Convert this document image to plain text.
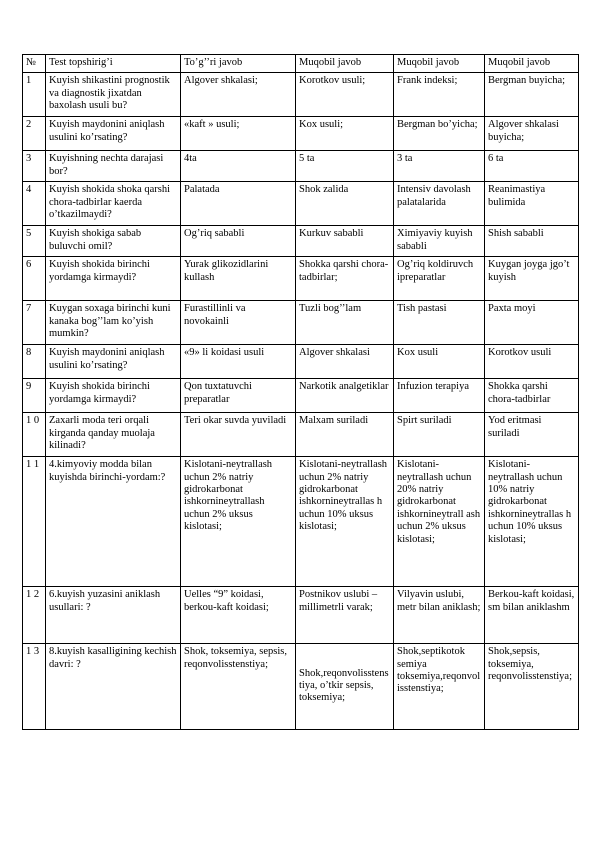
№	Test topshirig’i	To’g’’ri javob	Muqobil javob	Muqobil javob	Muqobil javob
1	Kuyish shikastini prognostik va diagnostik jixatdan baxolash usuli bu?	Algover shkalasi;	Korotkov usuli;	Frank indeksi;	Bergman buyicha;
2	Kuyish maydonini aniqlash usulini ko’rsating?	«kaft » usuli;	Kox usuli;	Bergman bo’yicha;	Algover shkalasi buyicha;
3	Kuyishning nechta darajasi bor?	4ta	5 ta	3 ta	6 ta
4	Kuyish shokida shoka qarshi chora-tadbirlar kaerda o’tkazilmaydi?	Palatada	Shok zalida	Intensiv davolash palatalarida	Reanimastiya bulimida
5	Kuyish shokiga sabab buluvchi omil?	Og’riq sababli	Kurkuv sababli	Ximiyaviy kuyish sababli	Shish sababli
6	Kuyish shokida birinchi yordamga kirmaydi?	Yurak glikozidlarini kullash	Shokka qarshi chora-tadbirlar;	Og’riq koldiruvch ipreparatlar	Kuygan joyga jgo’t kuyish
7	Kuygan soxaga birinchi kuni kanaka bog’’lam ko’yish mumkin?	Furastillinli va novokainli	Tuzli bog’’lam	Tish pastasi	Paxta moyi
8	Kuyish maydonini aniqlash usulini ko’rsating?	«9» li koidasi usuli	Algover shkalasi	Kox usuli	Korotkov usuli
9	Kuyish shokida birinchi yordamga kirmaydi?	Qon tuxtatuvchi preparatlar	Narkotik analgetiklar	Infuzion terapiya	Shokka qarshi chora-tadbirlar
1 0	Zaxarli moda teri orqali kirganda qanday muolaja kilinadi?	Teri okar suvda yuviladi	Malxam suriladi	Spirt suriladi	Yod eritmasi suriladi
1 1	4.kimyoviy modda bilan kuyishda birinchi-yordam:?	Kislotani-neytrallash uchun 2% natriy gidrokarbonat ishkornineytrallash uchun 2% uksus kislotasi;	Kislotani-neytrallash uchun 2% natriy gidrokarbonat ishkornineytrallas h uchun 10% uksus kislotasi;	Kislotani-neytrallash uchun 20% natriy gidrokarbonat ishkornineytrall ash uchun 2% uksus kislotasi;	Kislotani-neytrallash uchun 10% natriy gidrokarbonat ishkornineytrallas h uchun 10% uksus kislotasi;
1 2	6.kuyish yuzasini aniklash usullari: ?	Uelles “9” koidasi, berkou-kaft koidasi;	Postnikov uslubi – millimetrli varak;	Vilyavin uslubi, metr bilan aniklash;	Berkou-kaft koidasi, sm bilan aniklashm
1 3	8.kuyish kasalligining kechish davri: ?	Shok, toksemiya, sepsis, reqonvolisstenstiya;	Shok,reqonvolisstenstiya, o’tkir sepsis, toksemiya;	Shok,septikotok semiya toksemiya,reqonvolisstenstiya;	Shok,sepsis, toksemiya, reqonvolisstenstiya;
